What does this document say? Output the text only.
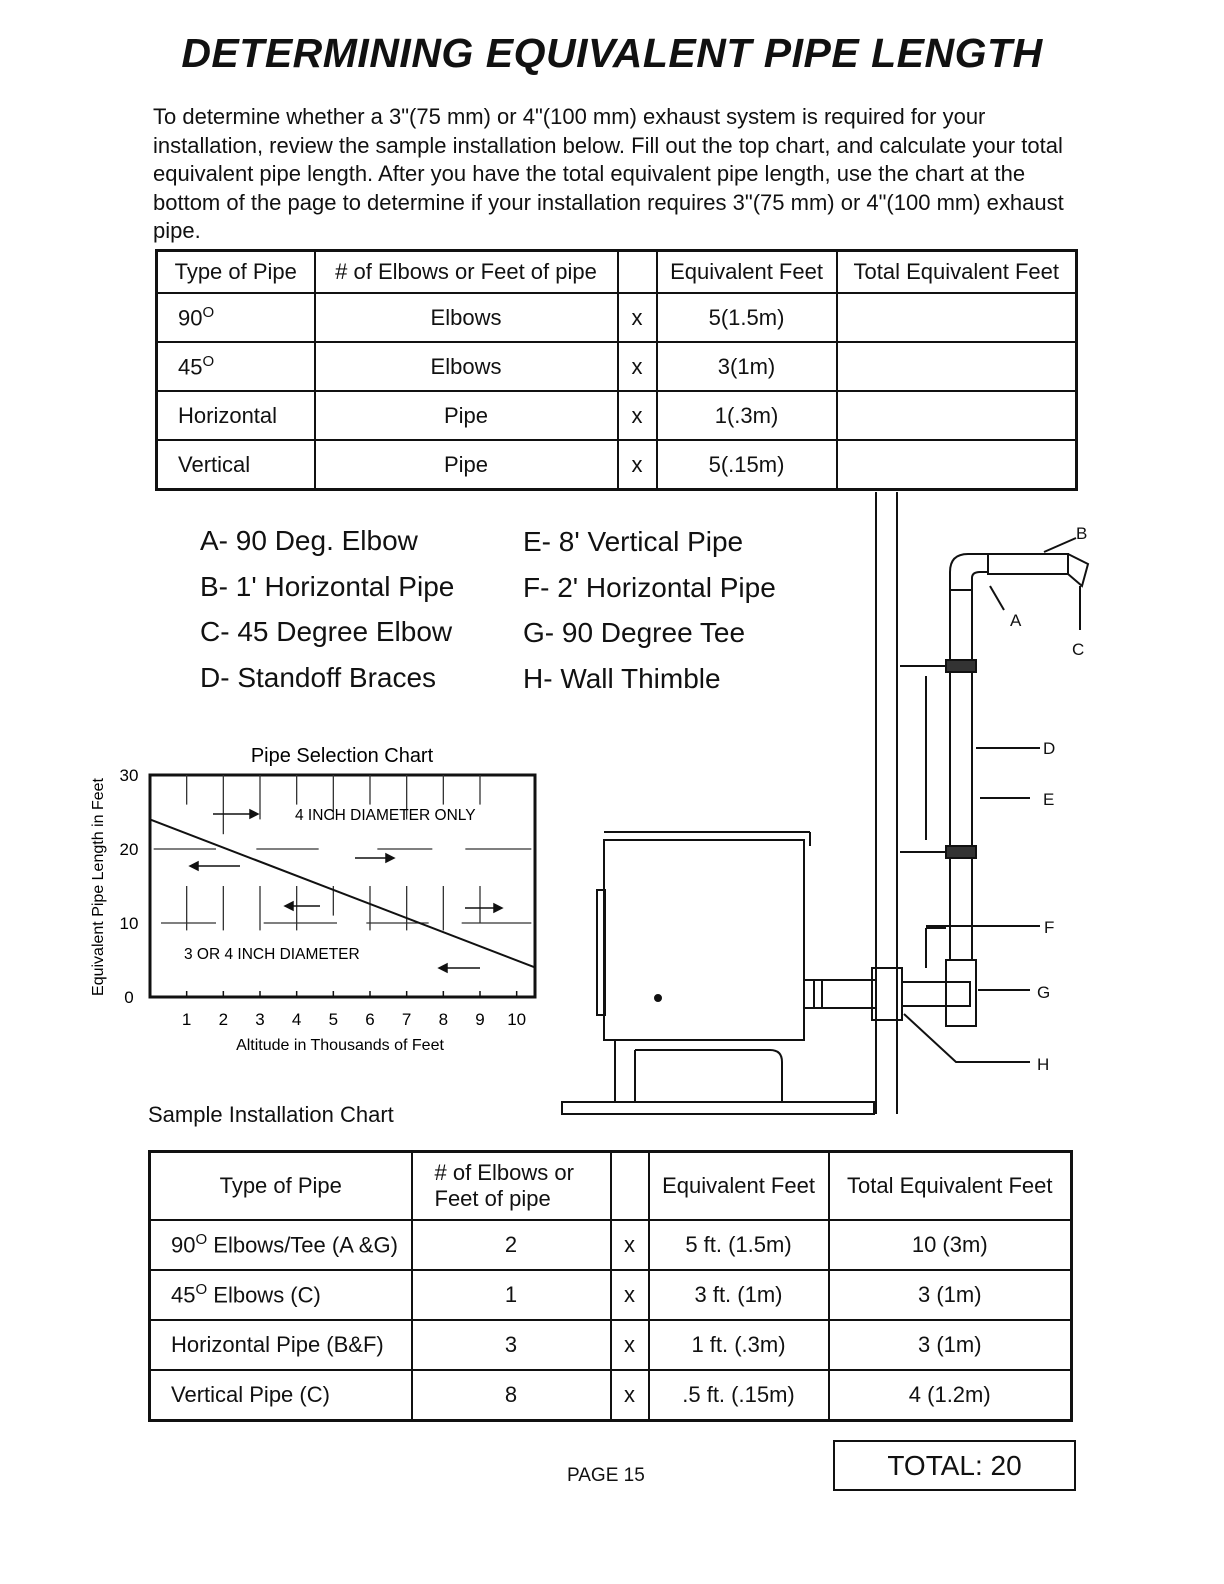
DETERMINING EQUIVALENT PIPE LENGTH
To determine whether a 3"(75 mm) or 4"(100 mm) exhaust system is required for your installation, review the sample installation below. Fill out the top chart, and calculate your total equivalent pipe length. After you have the total equivalent pipe length, use the chart at the bottom of the page to determine if your installation requires 3"(75 mm) or 4"(100 mm) exhaust pipe.
Type of Pipe	# of Elbows or Feet of pipe		Equivalent Feet	Total Equivalent Feet
$90^O$	Elbows	x	5(1.5m)	
$45^O$	Elbows	x	3(1m)	
Horizontal	Pipe	x	1(.3m)	
Vertical	Pipe	x	5(.15m)	
A- 90 Deg. Elbow
B- 1' Horizontal Pipe
C- 45 Degree Elbow
D- Standoff Braces
E- 8' Vertical Pipe
F- 2' Horizontal Pipe
G- 90 Degree Tee
H- Wall Thimble
Pipe Selection Chart
1 2 3 4 5 6 7 8 9 10
0
10
20
30
Altitude in Thousands of Feet
Equivalent Pipe Length in Feet	4 INCH DIAMETER ONLY
3 OR 4 INCH DIAMETER
A
B
C
D
E
F
G
H
Sample Installation Chart
Type of Pipe	# of Elbows or
Feet of pipe		Equivalent Feet	Total Equivalent Feet
$90^O$ Elbows/Tee (A &G)	2	x	5 ft. (1.5m)	10 (3m)
$45^O$ Elbows (C)	1	x	3 ft. (1m)	3 (1m)
Horizontal Pipe (B&F)	3	x	1 ft. (.3m)	3 (1m)
Vertical Pipe (C)	8	x	.5 ft. (.15m)	4 (1.2m)
PAGE 15	TOTAL: 20
